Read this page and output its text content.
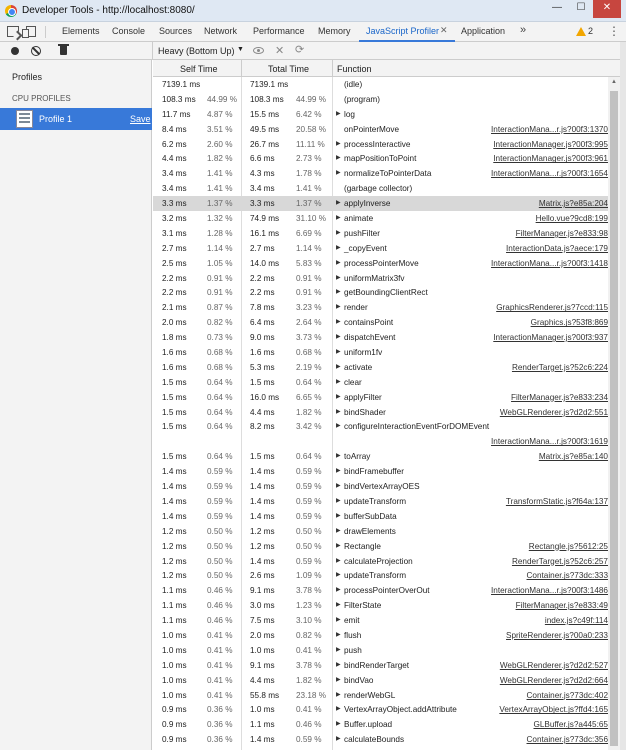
Developer Tools - http://localhost:8080/	—	☐	✕
Elements Console Sources Network Performance Memory JavaScript Profiler ✕ Application »	2 ⋮
Heavy (Bottom Up) ▼	✕ ⟳
Profiles
CPU PROFILES
Profile 1	Save
Self Time	Total Time	Function
7139.1 ms	7139.1 ms	(idle)
108.3 ms 44.99 % 108.3 ms 44.99 % (program)
11.7 ms 4.87 % 15.5 ms 6.42 %	log
▶
8.4 ms 3.51 % 49.5 ms 20.58 % onPointerMove	InteractionMana...r.js?00f3:1370
6.2 ms 2.60 % 26.7 ms 11.11 % processInteractive	InteractionManager.js?00f3:995
▶
4.4 ms 1.82 % 6.6 ms	2.73 %	mapPositionToPoint	InteractionManager.js?00f3:961
▶
3.4 ms 1.41 % 4.3 ms	1.78 %	normalizeToPointerData	InteractionMana...r.js?00f3:1654
▶
3.4 ms 1.41 % 3.4 ms	1.41 %	(garbage collector)
3.3 ms 1.37 % 3.3 ms	1.37 %	applyInverse	Matrix.js?e85a:204
▶
3.2 ms 1.32 % 74.9 ms 31.10 % animate	Hello.vue?9cd8:199
▶
3.1 ms 1.28 % 16.1 ms 6.69 %	pushFilter	FilterManager.js?e833:98
▶
2.7 ms 1.14 % 2.7 ms	1.14 %	_copyEvent	InteractionData.js?aece:179
▶
2.5 ms 1.05 % 14.0 ms 5.83 %	processPointerMove	InteractionMana...r.js?00f3:1418
▶
2.2 ms 0.91 % 2.2 ms	0.91 %	uniformMatrix3fv
▶
2.2 ms 0.91 % 2.2 ms	0.91 %	getBoundingClientRect
▶
2.1 ms 0.87 % 7.8 ms	3.23 %	render	GraphicsRenderer.js?7ccd:115
▶
2.0 ms 0.82 % 6.4 ms	2.64 %	containsPoint	Graphics.js?53f8:869
▶
1.8 ms 0.73 % 9.0 ms	3.73 %	dispatchEvent	InteractionManager.js?00f3:937
▶
1.6 ms 0.68 % 1.6 ms	0.68 %	uniform1fv
▶
1.6 ms 0.68 % 5.3 ms	2.19 %	activate	RenderTarget.js?52c6:224
▶
1.5 ms 0.64 % 1.5 ms	0.64 %	clear
▶
1.5 ms 0.64 % 16.0 ms 6.65 %	applyFilter	FilterManager.js?e833:234
▶
1.5 ms 0.64 % 4.4 ms	1.82 %	bindShader	WebGLRenderer.js?d2d2:551
▶
1.5 ms 0.64 % 8.2 ms	3.42 %	configureInteractionEventForDOMEvent
▶
InteractionMana...r.js?00f3:1619
1.5 ms 0.64 % 1.5 ms	0.64 %	toArray	Matrix.js?e85a:140
▶
1.4 ms 0.59 % 1.4 ms	0.59 %	bindFramebuffer
▶
1.4 ms 0.59 % 1.4 ms	0.59 %	bindVertexArrayOES
▶
1.4 ms 0.59 % 1.4 ms	0.59 %	updateTransform	TransformStatic.js?f64a:137
▶
1.4 ms 0.59 % 1.4 ms	0.59 %	bufferSubData
▶
1.2 ms 0.50 % 1.2 ms	0.50 %	drawElements
▶
1.2 ms 0.50 % 1.2 ms	0.50 %	Rectangle	Rectangle.js?5612:25
▶
1.2 ms 0.50 % 1.4 ms	0.59 %	calculateProjection	RenderTarget.js?52c6:257
▶
1.2 ms 0.50 % 2.6 ms	1.09 %	updateTransform	Container.js?73dc:333
▶
1.1 ms 0.46 % 9.1 ms	3.78 %	processPointerOverOut	InteractionMana...r.js?00f3:1486
▶
1.1 ms 0.46 % 3.0 ms	1.23 %	FilterState	FilterManager.js?e833:49
▶
1.1 ms 0.46 % 7.5 ms	3.10 %	emit	index.js?c49f:114
▶
1.0 ms 0.41 % 2.0 ms	0.82 %	flush	SpriteRenderer.js?00a0:233
▶
1.0 ms 0.41 % 1.0 ms	0.41 %	push
▶
1.0 ms 0.41 % 9.1 ms	3.78 %	bindRenderTarget	WebGLRenderer.js?d2d2:527
▶
1.0 ms 0.41 % 4.4 ms	1.82 %	bindVao	WebGLRenderer.js?d2d2:664
▶
1.0 ms 0.41 % 55.8 ms 23.18 % renderWebGL	Container.js?73dc:402
▶
0.9 ms 0.36 % 1.0 ms	0.41 %	VertexArrayObject.addAttribute	VertexArrayObject.js?ffd4:165
▶
0.9 ms 0.36 % 1.1 ms	0.46 %	Buffer.upload	GLBuffer.js?a445:65
▶
0.9 ms 0.36 % 1.4 ms	0.59 %	calculateBounds	Container.js?73dc:356
▶
▲
